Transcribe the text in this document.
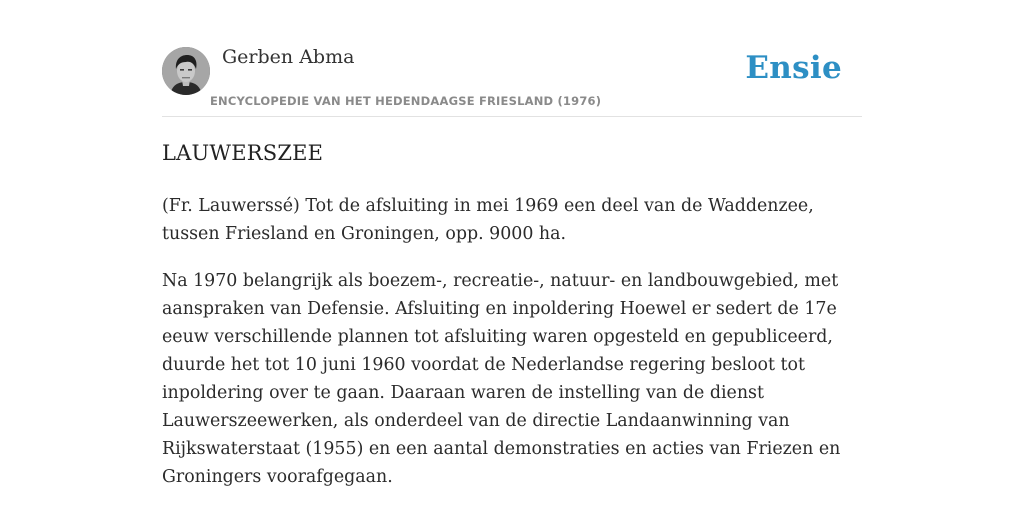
Gerben Abma
ENCYCLOPEDIE VAN HET HEDENDAAGSE FRIESLAND (1976)
Ensie
LAUWERSZEE

(Fr. Lauwerssé) Tot de afsluiting in mei 1969 een deel van de Waddenzee, tussen Friesland en Groningen, opp. 9000 ha.

Na 1970 belangrijk als boezem-, recreatie-, natuur- en landbouwgebied, met aanspraken van Defensie. Afsluiting en inpoldering Hoewel er sedert de 17e eeuw verschillende plannen tot afsluiting waren opgesteld en gepubliceerd, duurde het tot 10 juni 1960 voordat de Nederlandse regering besloot tot inpoldering over te gaan. Daaraan waren de instelling van de dienst Lauwerszeewerken, als onderdeel van de directie Landaanwinning van Rijkswaterstaat (1955) en een aantal demonstraties en acties van Friezen en Groningers voorafgegaan.
